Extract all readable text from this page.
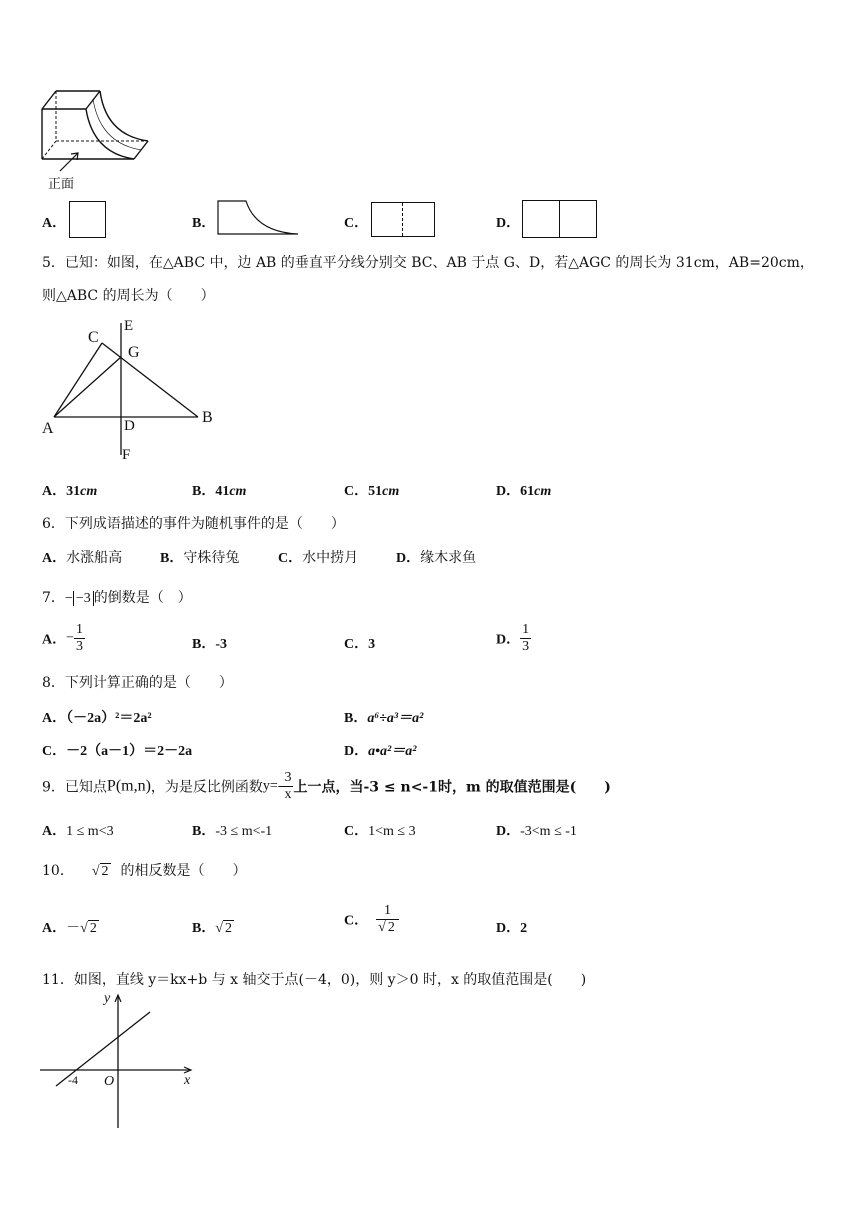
正面
A．	B．	C．	D．
5．已知：如图，在△ABC 中，边 AB 的垂直平分线分别交 BC、AB 于点 G、D，若△AGC 的周长为 31cm，AB=20cm，
则△ABC 的周长为（　　）
C
E
G
A	D	B
F
A．31cm	B．41cm	C．51cm	D．61cm
6．下列成语描述的事件为随机事件的是（　　）
A．水涨船高	B．守株待兔	C．水中捞月	D．缘木求鱼
7．− −3 的倒数是（　）
A．− $\frac{1}{3}$	B．-3	C．3	D． $\frac{1}{3}$
8．下列计算正确的是（　　）
A．（－2a）²＝2a²	B．a⁶÷a³＝a²
C．－2（a－1）＝2－2a	D．a•a²＝a²
9．已知点P(m,n)，为是反比例函数$y=- \frac{3}{x}$ 上一点，当-3 ≤ n<-1时，m 的取值范围是(　　)
A．1 ≤ m<3	B．-3 ≤ m<-1	C．1<m ≤ 3	D．-3<m ≤ -1
10． √ 2 的相反数是（　　）
A．－√ 2	B．√ 2	C． $\frac{1}{√ 2}$	D．2
11．如图，直线 y＝kx+b 与 x 轴交于点(－4，0)，则 y＞0 时，x 的取值范围是(　　)
y
x
O
-4
